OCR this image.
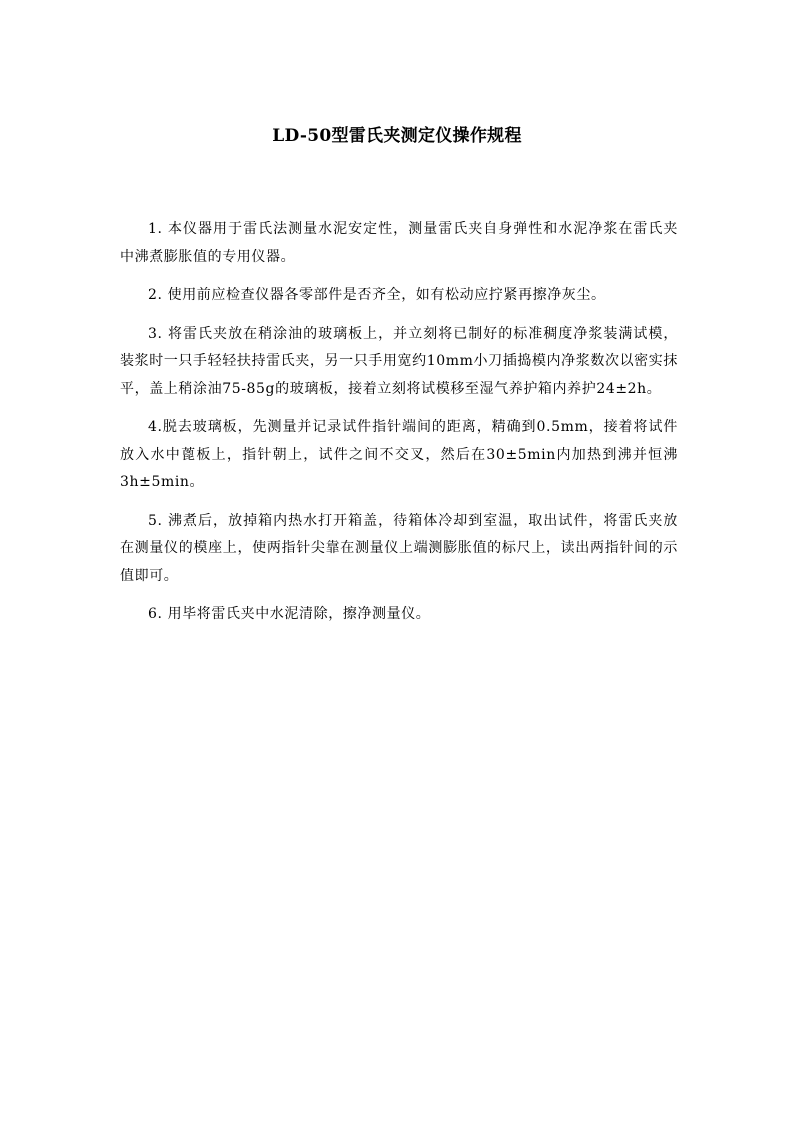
LD-50型雷氏夹测定仪操作规程

1. 本仪器用于雷氏法测量水泥安定性，测量雷氏夹自身弹性和水泥净浆在雷氏夹中沸煮膨胀值的专用仪器。

2. 使用前应检查仪器各零部件是否齐全，如有松动应拧紧再擦净灰尘。

3. 将雷氏夹放在稍涂油的玻璃板上，并立刻将已制好的标准稠度净浆装满试模，装浆时一只手轻轻扶持雷氏夹，另一只手用宽约10mm小刀插捣模内净浆数次以密实抹平，盖上稍涂油75-85g的玻璃板，接着立刻将试模移至湿气养护箱内养护24±2h。

4.脱去玻璃板，先测量并记录试件指针端间的距离，精确到0.5mm，接着将试件放入水中蓖板上，指针朝上，试件之间不交叉，然后在30±5min内加热到沸并恒沸3h±5min。

5. 沸煮后，放掉箱内热水打开箱盖，待箱体冷却到室温，取出试件，将雷氏夹放在测量仪的模座上，使两指针尖靠在测量仪上端测膨胀值的标尺上，读出两指针间的示值即可。

6. 用毕将雷氏夹中水泥清除，擦净测量仪。
